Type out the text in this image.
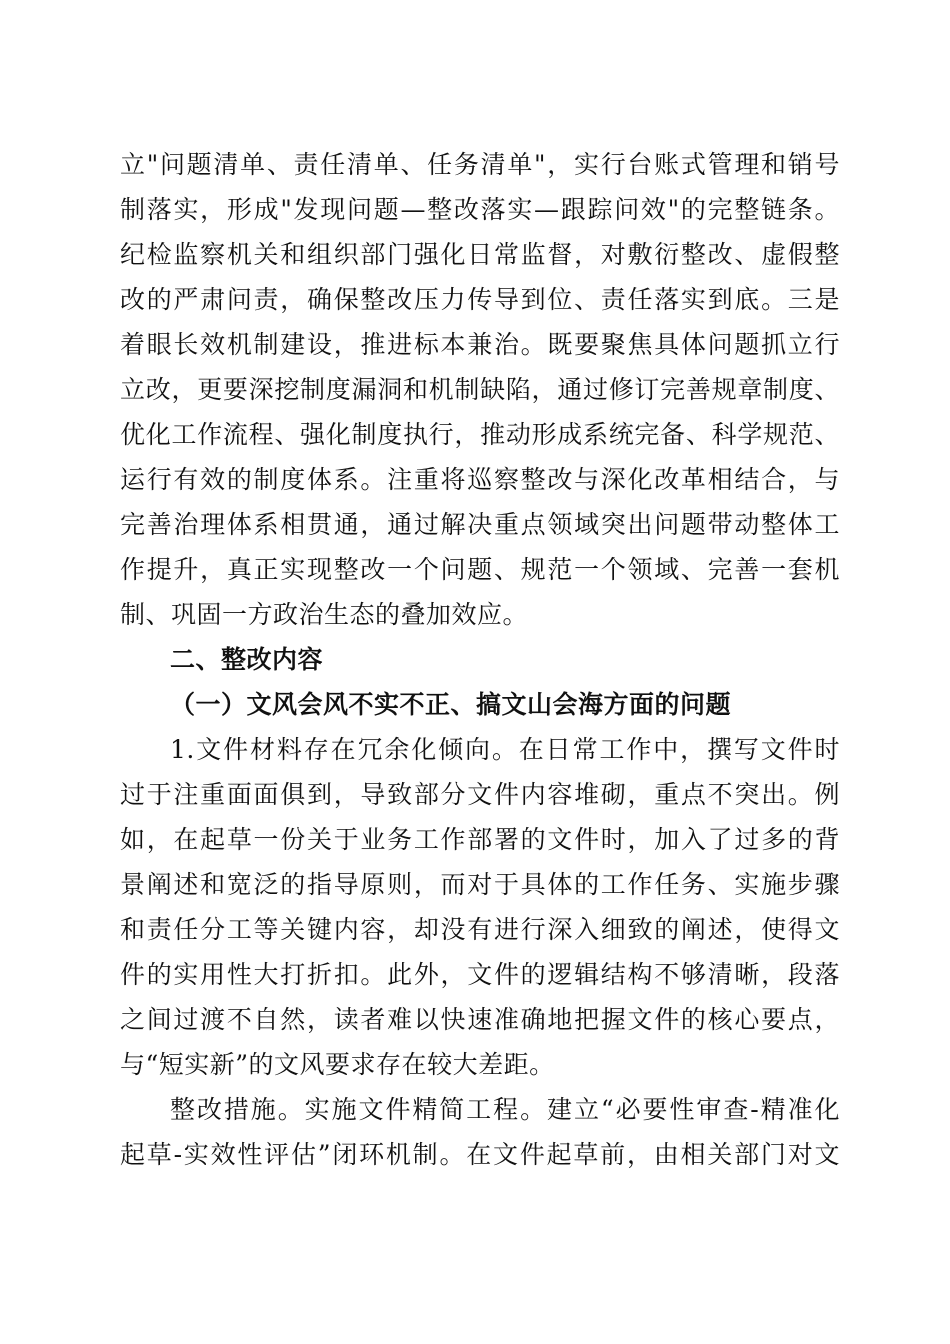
立"问题清单、责任清单、任务清单"，实行台账式管理和销号
制落实，形成"发现问题—整改落实—跟踪问效"的完整链条。
纪检监察机关和组织部门强化日常监督，对敷衍整改、虚假整
改的严肃问责，确保整改压力传导到位、责任落实到底。三是
着眼长效机制建设，推进标本兼治。既要聚焦具体问题抓立行
立改，更要深挖制度漏洞和机制缺陷，通过修订完善规章制度、
优化工作流程、强化制度执行，推动形成系统完备、科学规范、
运行有效的制度体系。注重将巡察整改与深化改革相结合，与
完善治理体系相贯通，通过解决重点领域突出问题带动整体工
作提升，真正实现整改一个问题、规范一个领域、完善一套机
制、巩固一方政治生态的叠加效应。
二、整改内容
（一）文风会风不实不正、搞文山会海方面的问题
1.文件材料存在冗余化倾向。在日常工作中，撰写文件时
过于注重面面俱到，导致部分文件内容堆砌，重点不突出。例
如，在起草一份关于业务工作部署的文件时，加入了过多的背
景阐述和宽泛的指导原则，而对于具体的工作任务、实施步骤
和责任分工等关键内容，却没有进行深入细致的阐述，使得文
件的实用性大打折扣。此外，文件的逻辑结构不够清晰，段落
之间过渡不自然，读者难以快速准确地把握文件的核心要点，
与“短实新”的文风要求存在较大差距。
整改措施。实施文件精简工程。建立“必要性审查-精准化
起草-实效性评估”闭环机制。在文件起草前，由相关部门对文
